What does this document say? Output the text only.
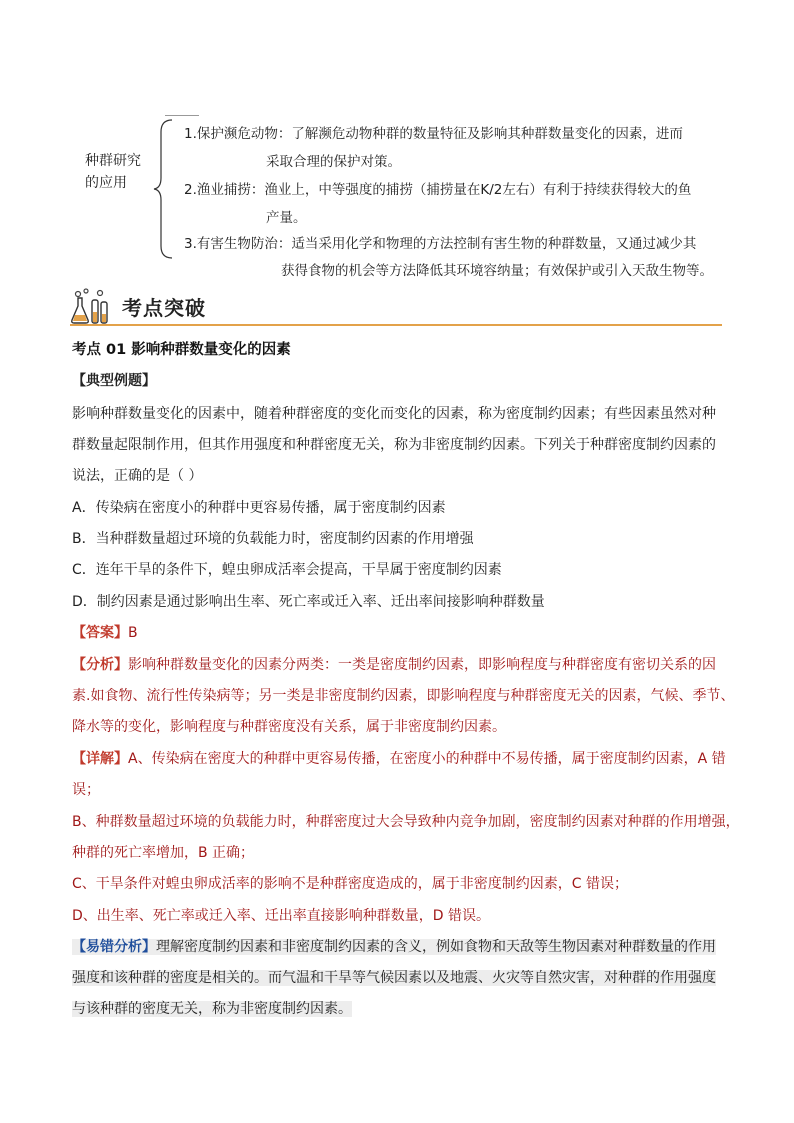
种群研究的应用
1.保护濒危动物：了解濒危动物种群的数量特征及影响其种群数量变化的因素，进而
采取合理的保护对策。
2.渔业捕捞：渔业上，中等强度的捕捞（捕捞量在K/2左右）有利于持续获得较大的鱼
产量。
3.有害生物防治：适当采用化学和物理的方法控制有害生物的种群数量，又通过减少其
获得食物的机会等方法降低其环境容纳量；有效保护或引入天敌生物等。
考点突破
考点 01 影响种群数量变化的因素
【典型例题】
影响种群数量变化的因素中，随着种群密度的变化而变化的因素，称为密度制约因素；有些因素虽然对种
群数量起限制作用，但其作用强度和种群密度无关，称为非密度制约因素。下列关于种群密度制约因素的
说法，正确的是（ ）
A．传染病在密度小的种群中更容易传播，属于密度制约因素
B．当种群数量超过环境的负载能力时，密度制约因素的作用增强
C．连年干旱的条件下，蝗虫卵成活率会提高，干旱属于密度制约因素
D．制约因素是通过影响出生率、死亡率或迁入率、迁出率间接影响种群数量
【答案】B
【分析】影响种群数量变化的因素分两类：一类是密度制约因素，即影响程度与种群密度有密切关系的因
素.如食物、流行性传染病等；另一类是非密度制约因素，即影响程度与种群密度无关的因素，气候、季节、
降水等的变化，影响程度与种群密度没有关系，属于非密度制约因素。
【详解】A、传染病在密度大的种群中更容易传播，在密度小的种群中不易传播，属于密度制约因素，A 错
误；
B、种群数量超过环境的负载能力时，种群密度过大会导致种内竞争加剧，密度制约因素对种群的作用增强，
种群的死亡率增加，B 正确；
C、干旱条件对蝗虫卵成活率的影响不是种群密度造成的，属于非密度制约因素，C 错误；
D、出生率、死亡率或迁入率、迁出率直接影响种群数量，D 错误。
【易错分析】理解密度制约因素和非密度制约因素的含义，例如食物和天敌等生物因素对种群数量的作用
强度和该种群的密度是相关的。而气温和干旱等气候因素以及地震、火灾等自然灾害，对种群的作用强度
与该种群的密度无关，称为非密度制约因素。
